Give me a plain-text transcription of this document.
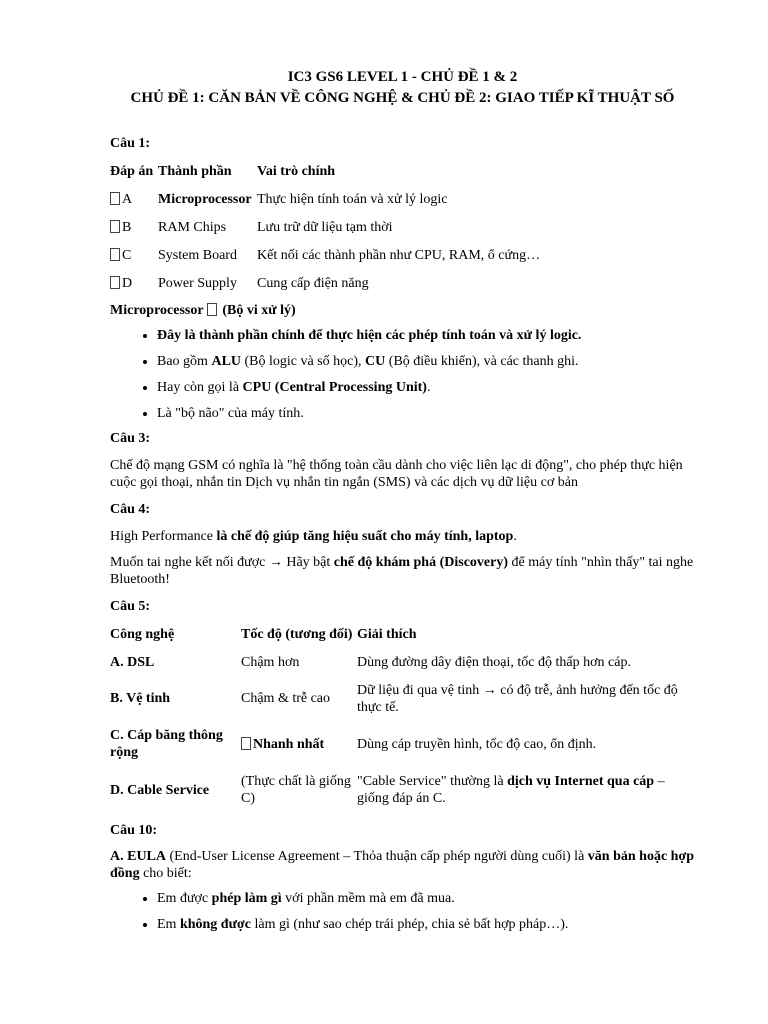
IC3 GS6 LEVEL 1 - CHỦ ĐỀ 1 & 2
CHỦ ĐỀ 1: CĂN BẢN VỀ CÔNG NGHỆ & CHỦ ĐỀ 2: GIAO TIẾP KĨ THUẬT SỐ

Câu 1:

Đáp án	Thành phần	Vai trò chính
A	Microprocessor	Thực hiện tính toán và xử lý logic
B	RAM Chips	Lưu trữ dữ liệu tạm thời
C	System Board	Kết nối các thành phần như CPU, RAM, ổ cứng…
D	Power Supply	Cung cấp điện năng

Microprocessor (Bộ vi xử lý)

• Đây là thành phần chính để thực hiện các phép tính toán và xử lý logic.
• Bao gồm ALU (Bộ logic và số học), CU (Bộ điều khiển), và các thanh ghi.
• Hay còn gọi là CPU (Central Processing Unit).
• Là "bộ não" của máy tính.

Câu 3:

Chế độ mạng GSM có nghĩa là "hệ thống toàn cầu dành cho việc liên lạc di động", cho phép thực hiện cuộc gọi thoại, nhắn tin Dịch vụ nhắn tin ngắn (SMS) và các dịch vụ dữ liệu cơ bản

Câu 4:

High Performance là chế độ giúp tăng hiệu suất cho máy tính, laptop.

Muốn tai nghe kết nối được → Hãy bật chế độ khám phá (Discovery) để máy tính "nhìn thấy" tai nghe Bluetooth!

Câu 5:

Công nghệ	Tốc độ (tương đối)	Giải thích
A. DSL	Chậm hơn	Dùng đường dây điện thoại, tốc độ thấp hơn cáp.
B. Vệ tinh	Chậm & trễ cao	Dữ liệu đi qua vệ tinh → có độ trễ, ảnh hưởng đến tốc độ thực tế.
C. Cáp băng thông rộng	Nhanh nhất	Dùng cáp truyền hình, tốc độ cao, ổn định.
D. Cable Service	(Thực chất là giống C)	"Cable Service" thường là dịch vụ Internet qua cáp – giống đáp án C.

Câu 10:

A. EULA (End-User License Agreement – Thỏa thuận cấp phép người dùng cuối) là văn bản hoặc hợp đồng cho biết:

• Em được phép làm gì với phần mềm mà em đã mua.
• Em không được làm gì (như sao chép trái phép, chia sẻ bất hợp pháp…).
